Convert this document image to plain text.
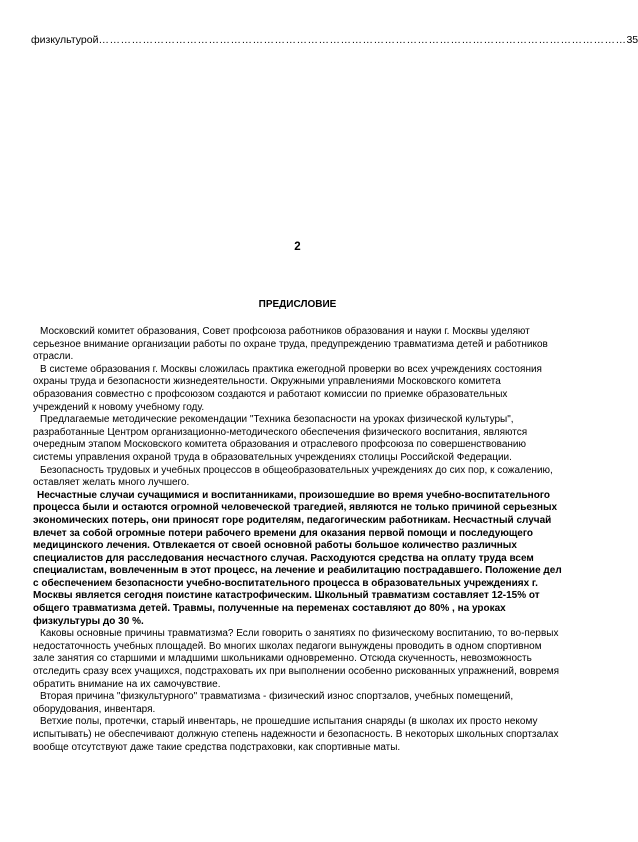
физкультурой ……………………………………………………………………………………………………………………………… 35
2
ПРЕДИСЛОВИЕ

Московский комитет образования, Совет профсоюза работников образования и науки г. Москвы уделяют серьезное внимание организации работы по охране труда, предупреждению травматизма детей и работников отрасли.

В системе образования г. Москвы сложилась практика ежегодной проверки во всех учреждениях состояния охраны труда и безопасности жизнедеятельности. Окружными управлениями Московского комитета образования совместно с профсоюзом создаются и работают комиссии по приемке образовательных учреждений к новому учебному году.

Предлагаемые методические рекомендации "Техника безопасности на уроках физической культуры", разработанные Центром организационно-методического обеспечения физического воспитания, являются очередным этапом Московского комитета образования и отраслевого профсоюза по совершенствованию системы управления охраной труда в образовательных учреждениях столицы Российской Федерации.

Безопасность трудовых и учебных процессов в общеобразовательных учреждениях до сих пор, к сожалению, оставляет желать много лучшего.

Несчастные случаи сучащимися и воспитанниками, произошедшие во время учебно-воспитательного процесса были и остаются огромной человеческой трагедией, являются не только причиной серьезных экономических потерь, они приносят горе родителям, педагогическим работникам. Несчастный случай влечет за собой огромные потери рабочего времени для оказания первой помощи и последующего медицинского лечения. Отвлекается от своей основной работы большое количество различных специалистов для расследования несчастного случая. Расходуются средства на оплату труда всем специалистам, вовлеченным в этот процесс, на лечение и реабилитацию пострадавшего. Положение дел с обеспечением безопасности учебно-воспитательного процесса в образовательных учреждениях г. Москвы является сегодня поистине катастрофическим. Школьный травматизм составляет 12-15% от общего травматизма детей. Травмы, полученные на переменах составляют до 80% , на уроках физкультуры до 30 %.

Каковы основные причины травматизма? Если говорить о занятиях по физическому воспитанию, то во-первых недостаточность учебных площадей. Во многих школах педагоги вынуждены проводить в одном спортивном зале занятия со старшими и младшими школьниками одновременно. Отсюда скученность, невозможность отследить сразу всех учащихся, подстраховать их при выполнении особенно рискованных упражнений, вовремя обратить внимание на их самочувствие.

Вторая причина "физкультурного" травматизма - физический износ спортзалов, учебных помещений, оборудования, инвентаря.

Ветхие полы, протечки, старый инвентарь, не прошедшие испытания снаряды (в школах их просто некому испытывать) не обеспечивают должную степень надежности и безопасность. В некоторых школьных спортзалах вообще отсутствуют даже такие средства подстраховки, как спортивные маты.
